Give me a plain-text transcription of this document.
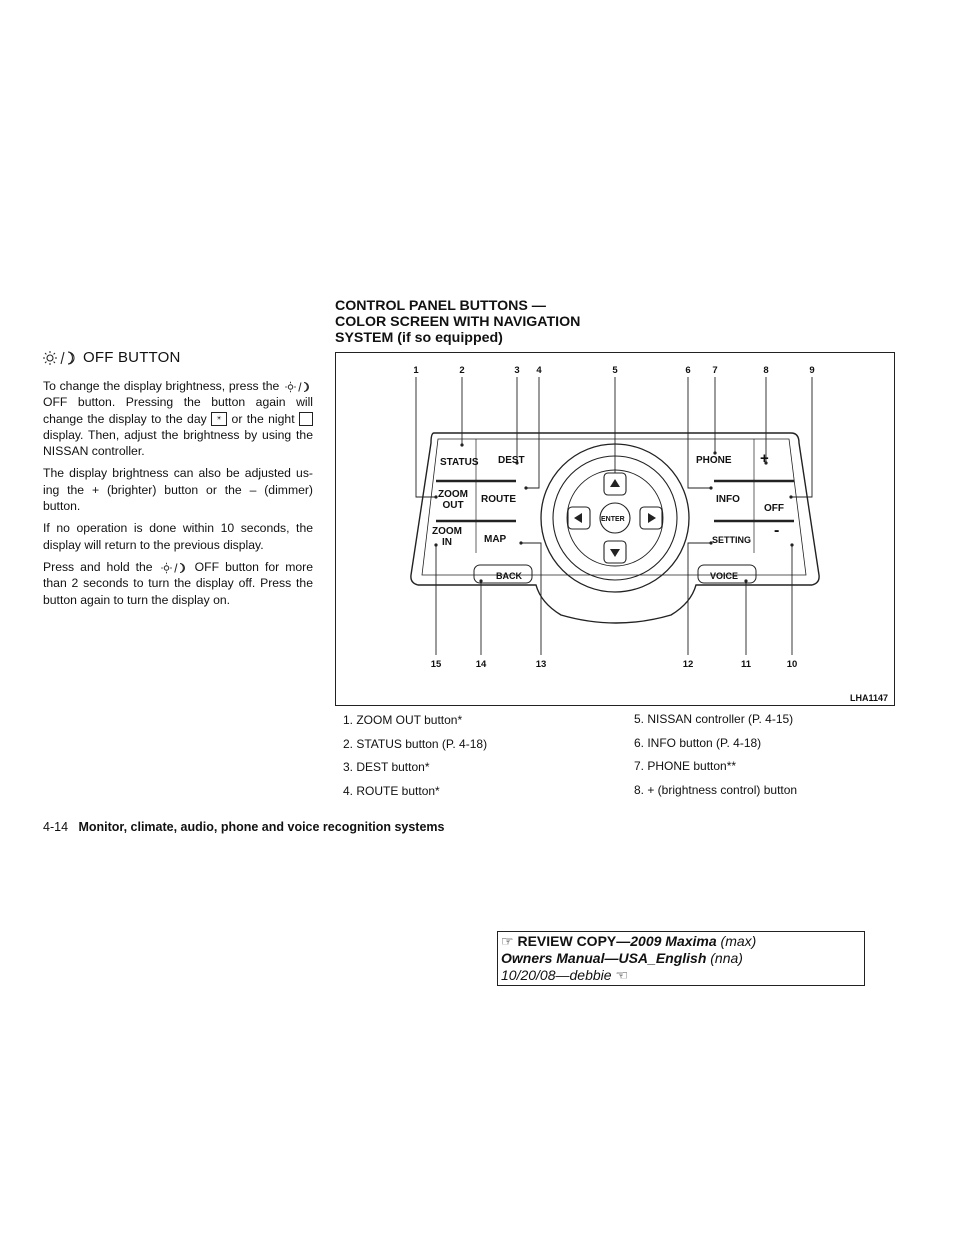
OFF BUTTON

To change the display brightness, press the  OFF button. Pressing the button again will change the display to the day ☀ or the night  display. Then, adjust the brightness by using the NISSAN controller.

The display brightness can also be adjusted us-ing the + (brighter) button or the – (dimmer) button.

If no operation is done within 10 seconds, the display will return to the previous display.

Press and hold the	OFF button for more than 2 seconds to turn the display off. Press the button again to turn the display on.

CONTROL PANEL BUTTONS —
COLOR SCREEN WITH NAVIGATION
SYSTEM (if so equipped)
1	2	3 4	5	6 7	8	9
15	14	13	12	11	10
STATUS DEST	PHONE +
ZOOM
OUT
ROUTE	INFO
OFF
ZOOM
IN	MAP	SETTING
-
BACK	VOICE
ENTER
LHA1147
1. ZOOM OUT button*
2. STATUS button (P. 4-18)
3. DEST button*
4. ROUTE button*
5. NISSAN controller (P. 4-15)
6. INFO button (P. 4-18)
7. PHONE button**
8. + (brightness control) button
4-14 Monitor, climate, audio, phone and voice recognition systems
☞ REVIEW COPY—2009 Maxima (max)
Owners Manual—USA_English (nna)
10/20/08—debbie ☜
